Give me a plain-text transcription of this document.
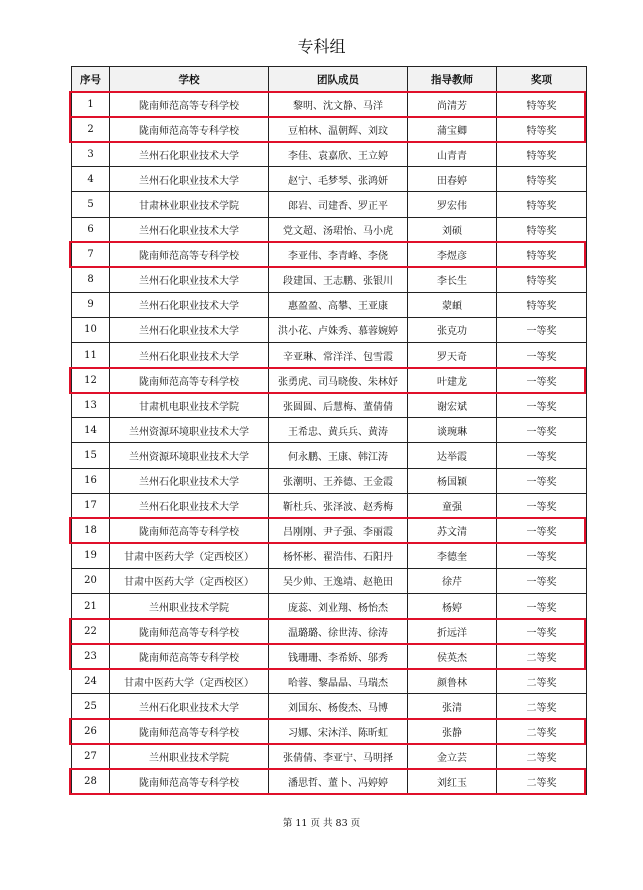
专科组
序号	学校	团队成员	指导教师	奖项
1	陇南师范高等专科学校	黎明、沈文静、马洋	尚清芳	特等奖
2	陇南师范高等专科学校	豆柏林、温朝辉、刘玟	蒲宝卿	特等奖
3	兰州石化职业技术大学	李佳、袁嘉欣、王立婷	山青青	特等奖
4	兰州石化职业技术大学	赵宁、毛梦琴、张鸿妍	田春婷	特等奖
5	甘肃林业职业技术学院	郎岩、司建香、罗正平	罗宏伟	特等奖
6	兰州石化职业技术大学	党文超、汤珺怡、马小虎	刘硕	特等奖
7	陇南师范高等专科学校	李亚伟、李青峰、李侥	李煜彦	特等奖
8	兰州石化职业技术大学	段建国、王志鹏、张银川	李长生	特等奖
9	兰州石化职业技术大学	惠盈盈、高攀、王亚康	蒙頔	特等奖
10	兰州石化职业技术大学	洪小花、卢姝秀、慕蓉婉婷	张克功	一等奖
11	兰州石化职业技术大学	辛亚琳、常洋洋、包雪霞	罗天奇	一等奖
12	陇南师范高等专科学校	张勇虎、司马晓俊、朱林妤	叶建龙	一等奖
13	甘肃机电职业技术学院	张圆圆、后慧梅、董倩倩	谢宏斌	一等奖
14	兰州资源环境职业技术大学	王希忠、黄兵兵、黄涛	谈琬琳	一等奖
15	兰州资源环境职业技术大学	何永鹏、王康、韩江涛	达举霞	一等奖
16	兰州石化职业技术大学	张潮明、王养德、王金霞	杨国颖	一等奖
17	兰州石化职业技术大学	靳杜兵、张泽波、赵秀梅	童强	一等奖
18	陇南师范高等专科学校	吕刚刚、尹子强、李丽霞	苏文清	一等奖
19	甘肃中医药大学（定西校区）	杨怀彬、翟浩伟、石阳丹	李德奎	一等奖
20	甘肃中医药大学（定西校区）	吴少帅、王逸靖、赵艳田	徐芹	一等奖
21	兰州职业技术学院	庞蕊、刘业翔、杨怡杰	杨婷	一等奖
22	陇南师范高等专科学校	温璐璐、徐世涛、徐涛	折远洋	一等奖
23	陇南师范高等专科学校	钱珊珊、李希娇、邬秀	侯英杰	二等奖
24	甘肃中医药大学（定西校区）	哈蓉、黎晶晶、马瑞杰	颜鲁林	二等奖
25	兰州石化职业技术大学	刘国东、杨俊杰、马博	张清	二等奖
26	陇南师范高等专科学校	习娜、宋沐洋、陈昕虹	张静	二等奖
27	兰州职业技术学院	张倩倩、李亚宁、马明择	金立芸	二等奖
28	陇南师范高等专科学校	潘思哲、董卜、冯婷婷	刘红玉	二等奖
第 11 页 共 83 页
